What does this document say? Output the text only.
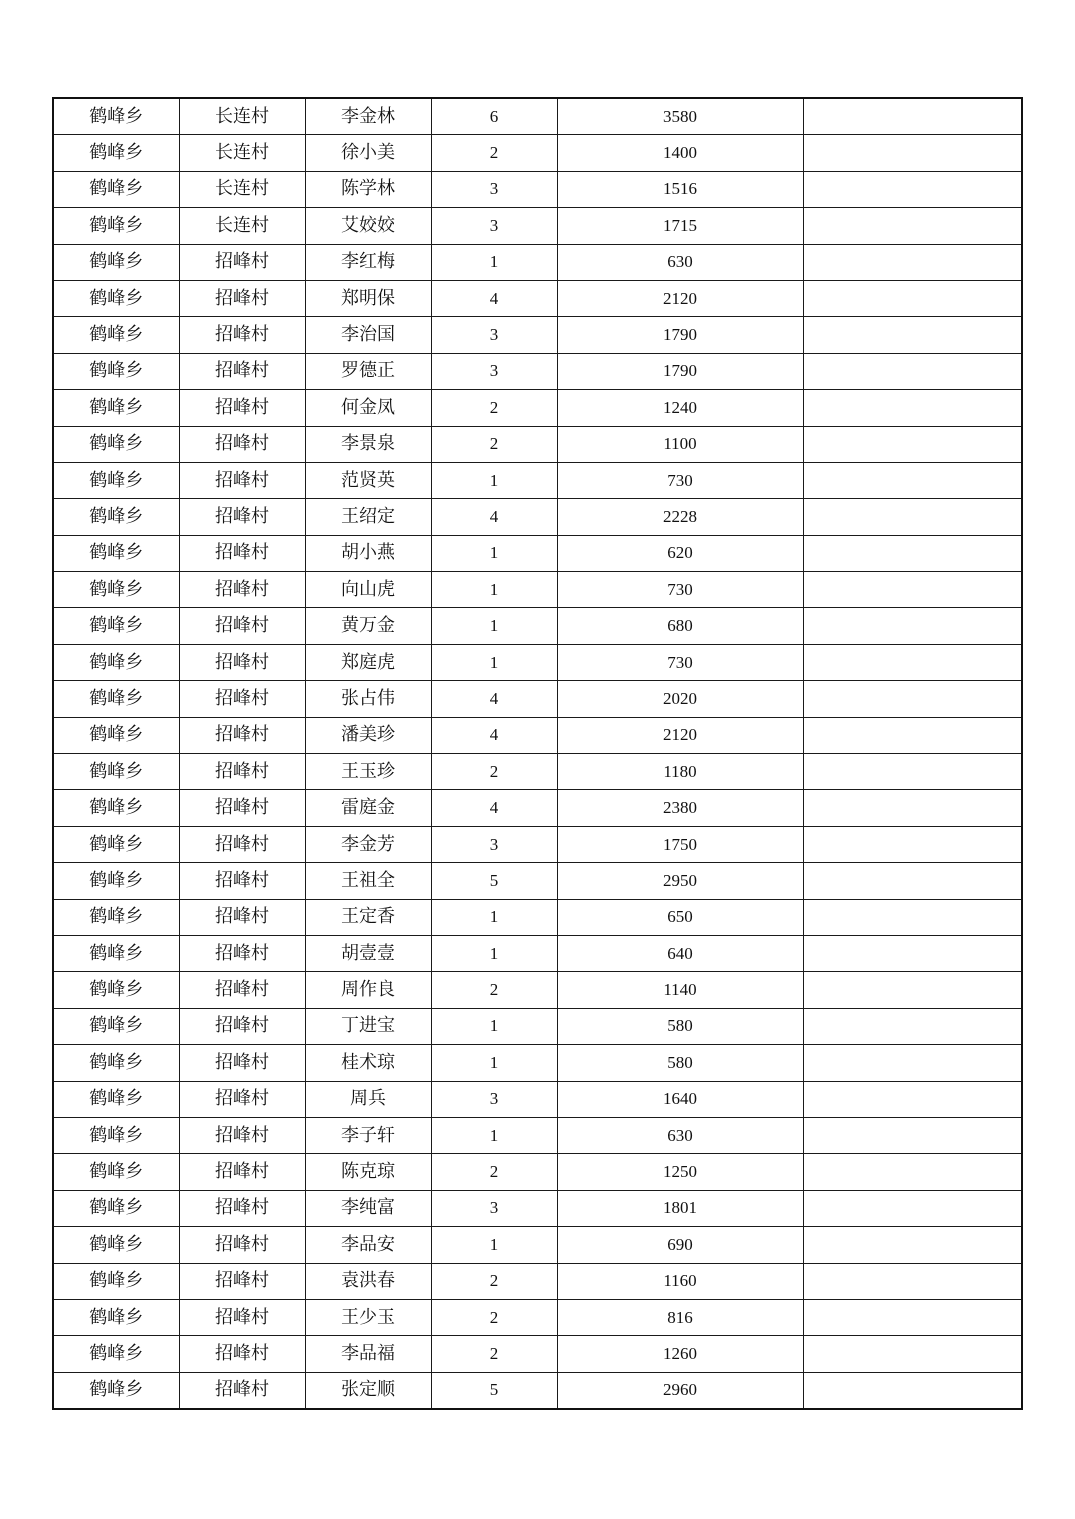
鹤峰乡	长连村	李金林	6	3580	
鹤峰乡	长连村	徐小美	2	1400	
鹤峰乡	长连村	陈学林	3	1516	
鹤峰乡	长连村	艾姣姣	3	1715	
鹤峰乡	招峰村	李红梅	1	630	
鹤峰乡	招峰村	郑明保	4	2120	
鹤峰乡	招峰村	李治国	3	1790	
鹤峰乡	招峰村	罗德正	3	1790	
鹤峰乡	招峰村	何金凤	2	1240	
鹤峰乡	招峰村	李景泉	2	1100	
鹤峰乡	招峰村	范贤英	1	730	
鹤峰乡	招峰村	王绍定	4	2228	
鹤峰乡	招峰村	胡小燕	1	620	
鹤峰乡	招峰村	向山虎	1	730	
鹤峰乡	招峰村	黄万金	1	680	
鹤峰乡	招峰村	郑庭虎	1	730	
鹤峰乡	招峰村	张占伟	4	2020	
鹤峰乡	招峰村	潘美珍	4	2120	
鹤峰乡	招峰村	王玉珍	2	1180	
鹤峰乡	招峰村	雷庭金	4	2380	
鹤峰乡	招峰村	李金芳	3	1750	
鹤峰乡	招峰村	王祖全	5	2950	
鹤峰乡	招峰村	王定香	1	650	
鹤峰乡	招峰村	胡壹壹	1	640	
鹤峰乡	招峰村	周作良	2	1140	
鹤峰乡	招峰村	丁进宝	1	580	
鹤峰乡	招峰村	桂术琼	1	580	
鹤峰乡	招峰村	周兵	3	1640	
鹤峰乡	招峰村	李子轩	1	630	
鹤峰乡	招峰村	陈克琼	2	1250	
鹤峰乡	招峰村	李纯富	3	1801	
鹤峰乡	招峰村	李品安	1	690	
鹤峰乡	招峰村	袁洪春	2	1160	
鹤峰乡	招峰村	王少玉	2	816	
鹤峰乡	招峰村	李品福	2	1260	
鹤峰乡	招峰村	张定顺	5	2960	
